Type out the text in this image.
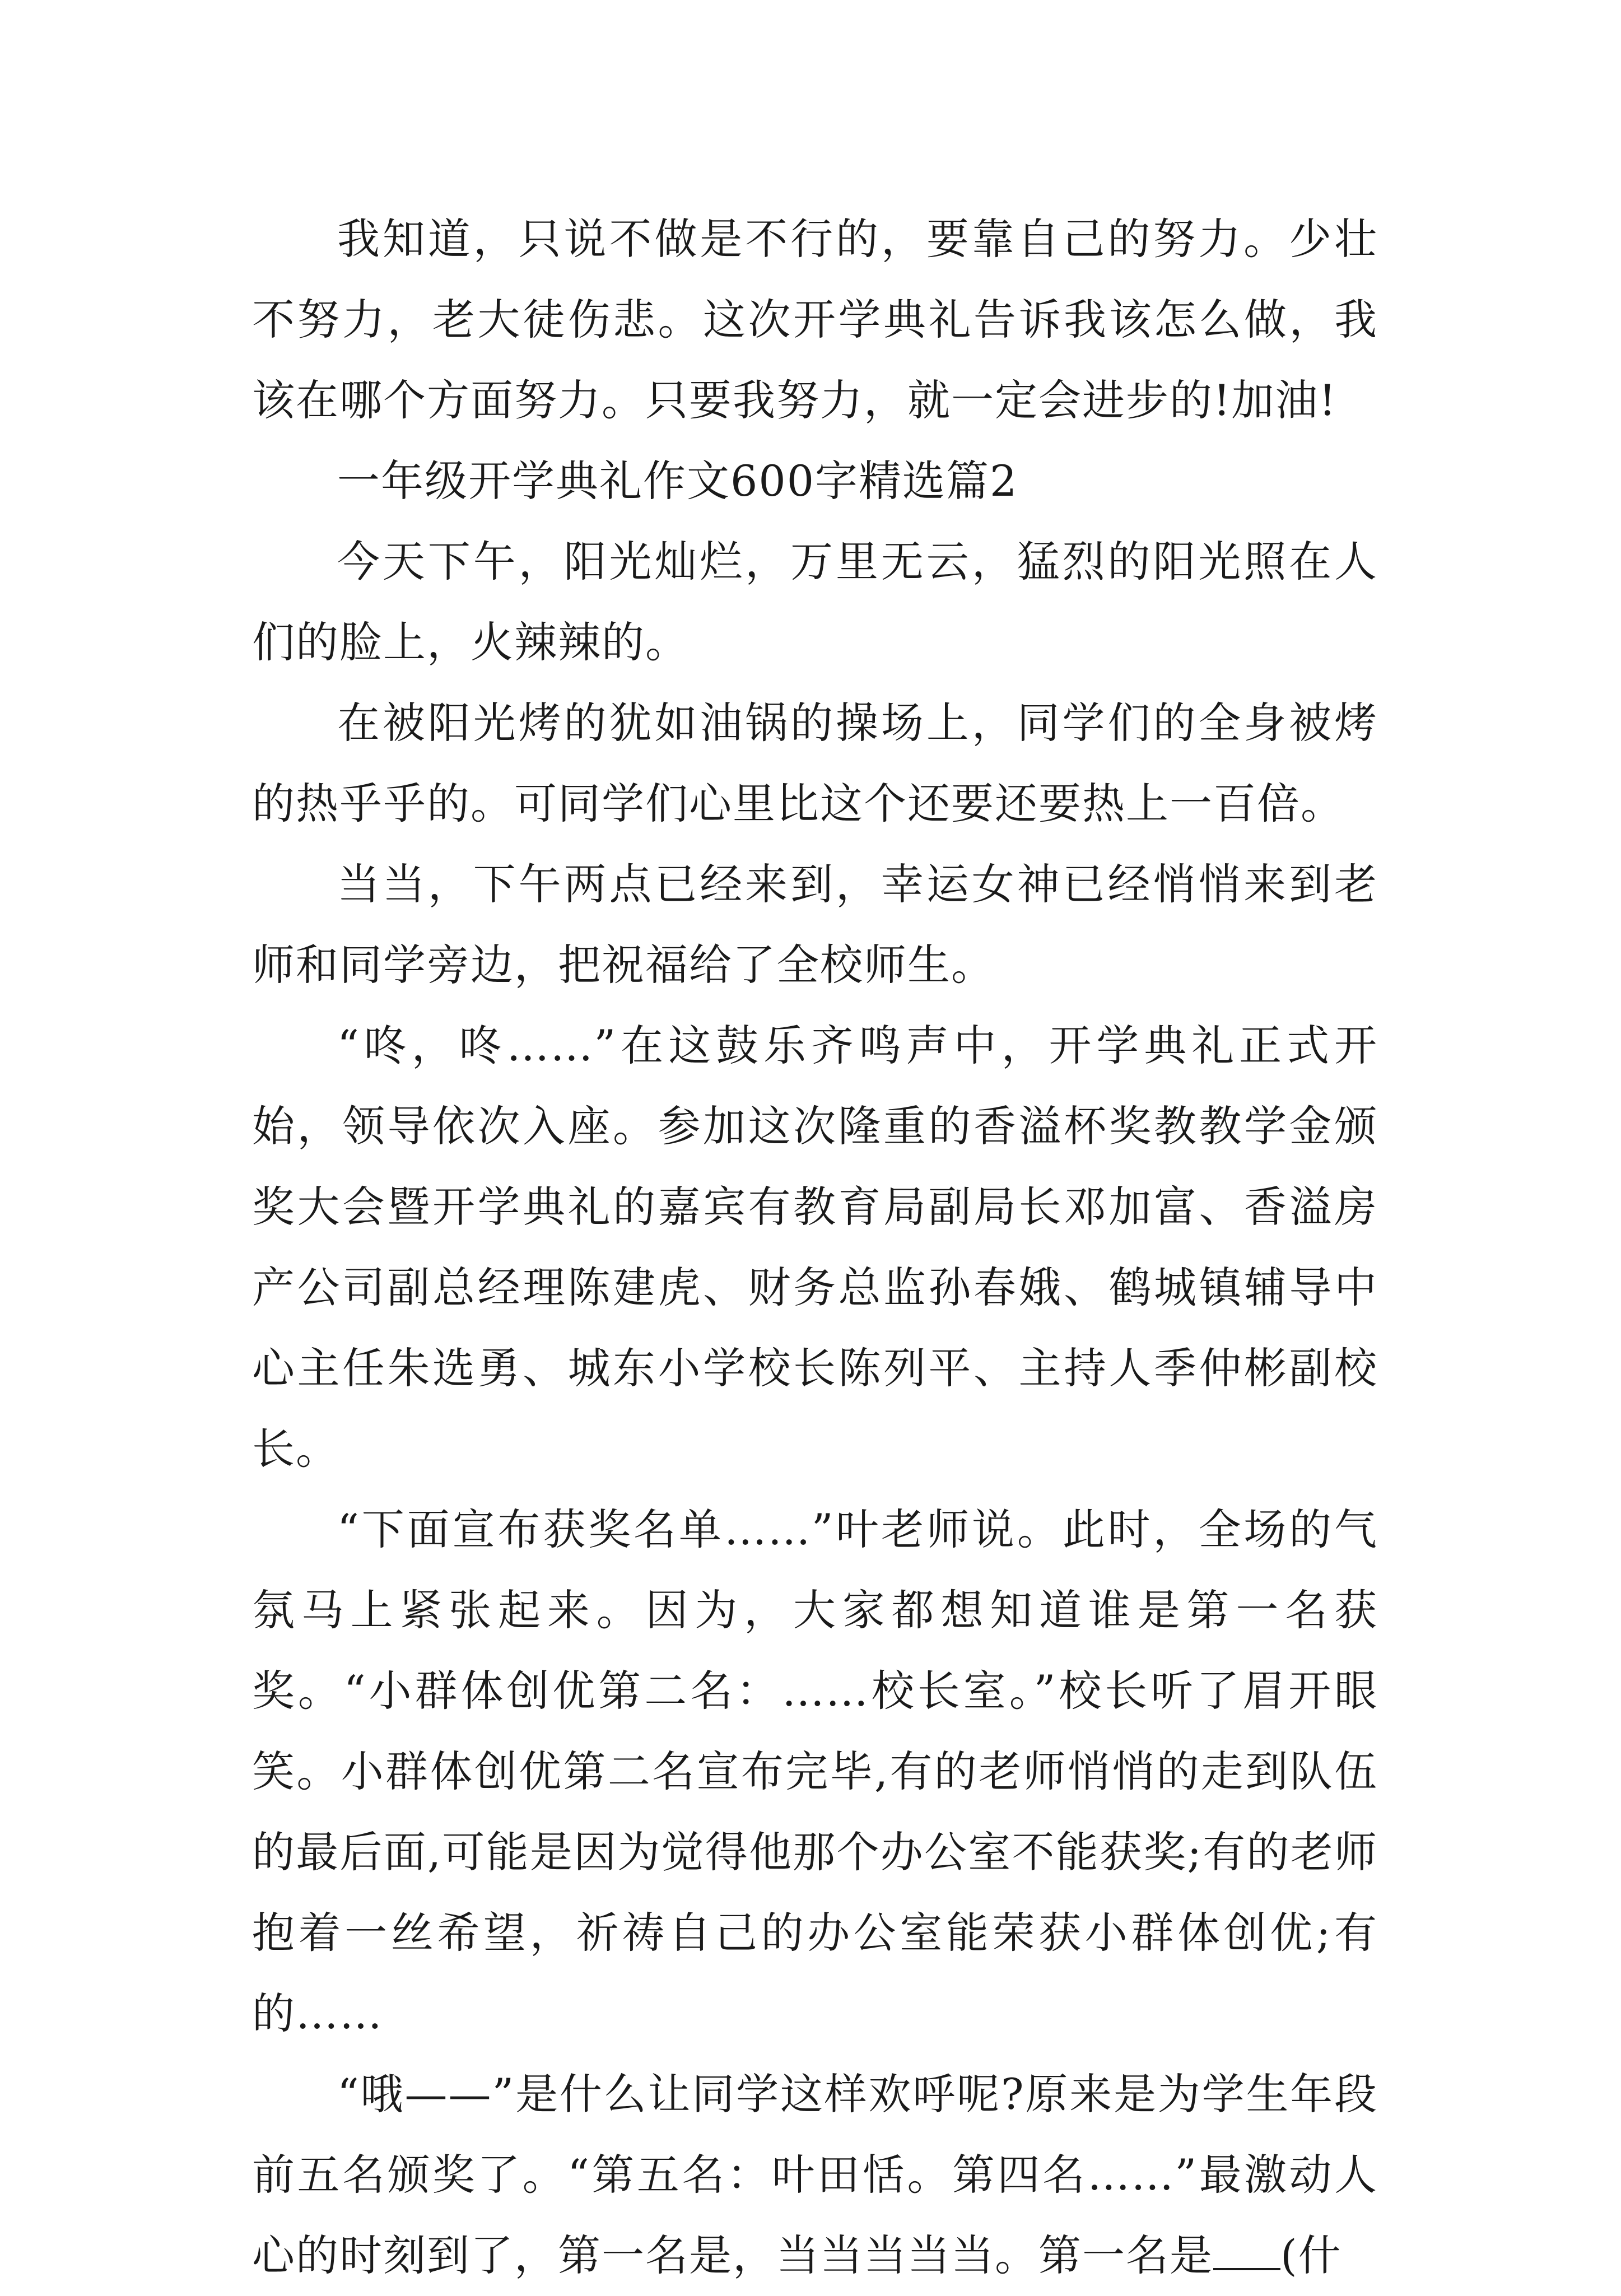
我知道，只说不做是不行的，要靠自己的努力。少壮不努力，老大徒伤悲。这次开学典礼告诉我该怎么做，我该在哪个方面努力。只要我努力，就一定会进步的!加油!

一年级开学典礼作文600字精选篇2

今天下午，阳光灿烂，万里无云，猛烈的阳光照在人们的脸上，火辣辣的。

在被阳光烤的犹如油锅的操场上，同学们的全身被烤的热乎乎的。可同学们心里比这个还要还要热上一百倍。

当当，下午两点已经来到，幸运女神已经悄悄来到老师和同学旁边，把祝福给了全校师生。

“咚，咚……”在这鼓乐齐鸣声中，开学典礼正式开始，领导依次入座。参加这次隆重的香溢杯奖教教学金颁奖大会暨开学典礼的嘉宾有教育局副局长邓加富、香溢房产公司副总经理陈建虎、财务总监孙春娥、鹤城镇辅导中心主任朱选勇、城东小学校长陈列平、主持人季仲彬副校长。

“下面宣布获奖名单……”叶老师说。此时，全场的气氛马上紧张起来。因为，大家都想知道谁是第一名获奖。“小群体创优第二名：……校长室。”校长听了眉开眼笑。小群体创优第二名宣布完毕,有的老师悄悄的走到队伍的最后面,可能是因为觉得他那个办公室不能获奖;有的老师抱着一丝希望，祈祷自己的办公室能荣获小群体创优;有的……

“哦——”是什么让同学这样欢呼呢?原来是为学生年段前五名颁奖了。“第五名：叶田恬。第四名……”最激动人心的时刻到了，第一名是，当当当当当。第一名是 (什
